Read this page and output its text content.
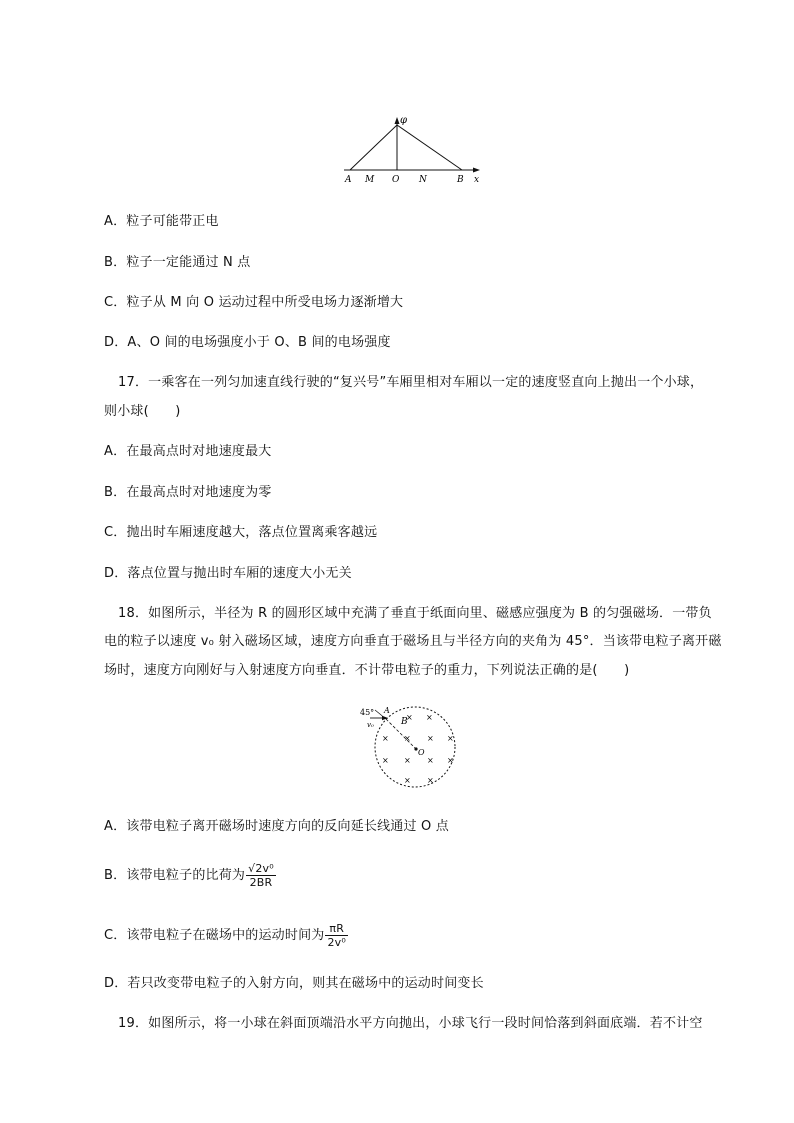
φ
A M O N	B x
A．粒子可能带正电
B．粒子一定能通过 N 点
C．粒子从 M 向 O 运动过程中所受电场力逐渐增大
D．A、O 间的电场强度小于 O、B 间的电场强度
17．一乘客在一列匀加速直线行驶的“复兴号”车厢里相对车厢以一定的速度竖直向上抛出一个小球，
则小球(　　)
A．在最高点时对地速度最大
B．在最高点时对地速度为零
C．抛出时车厢速度越大，落点位置离乘客越远
D．落点位置与抛出时车厢的速度大小无关
18．如图所示，半径为 R 的圆形区域中充满了垂直于纸面向里、磁感应强度为 B 的匀强磁场．一带负
电的粒子以速度 v₀ 射入磁场区域，速度方向垂直于磁场且与半径方向的夹角为 45°．当该带电粒子离开磁
场时，速度方向刚好与入射速度方向垂直．不计带电粒子的重力，下列说法正确的是(　　)
45° A
v₀	B
O
× ×
× × × ×
× × × ×
× ×
A．该带电粒子离开磁场时速度方向的反向延长线通过 O 点
B．该带电粒子的比荷为 $\frac{\text{√2v⁰}}{2BR}$
C．该带电粒子在磁场中的运动时间为 $\frac{\pi R}{\text{2v⁰}}$
D．若只改变带电粒子的入射方向，则其在磁场中的运动时间变长
19．如图所示，将一小球在斜面顶端沿水平方向抛出，小球飞行一段时间恰落到斜面底端．若不计空
